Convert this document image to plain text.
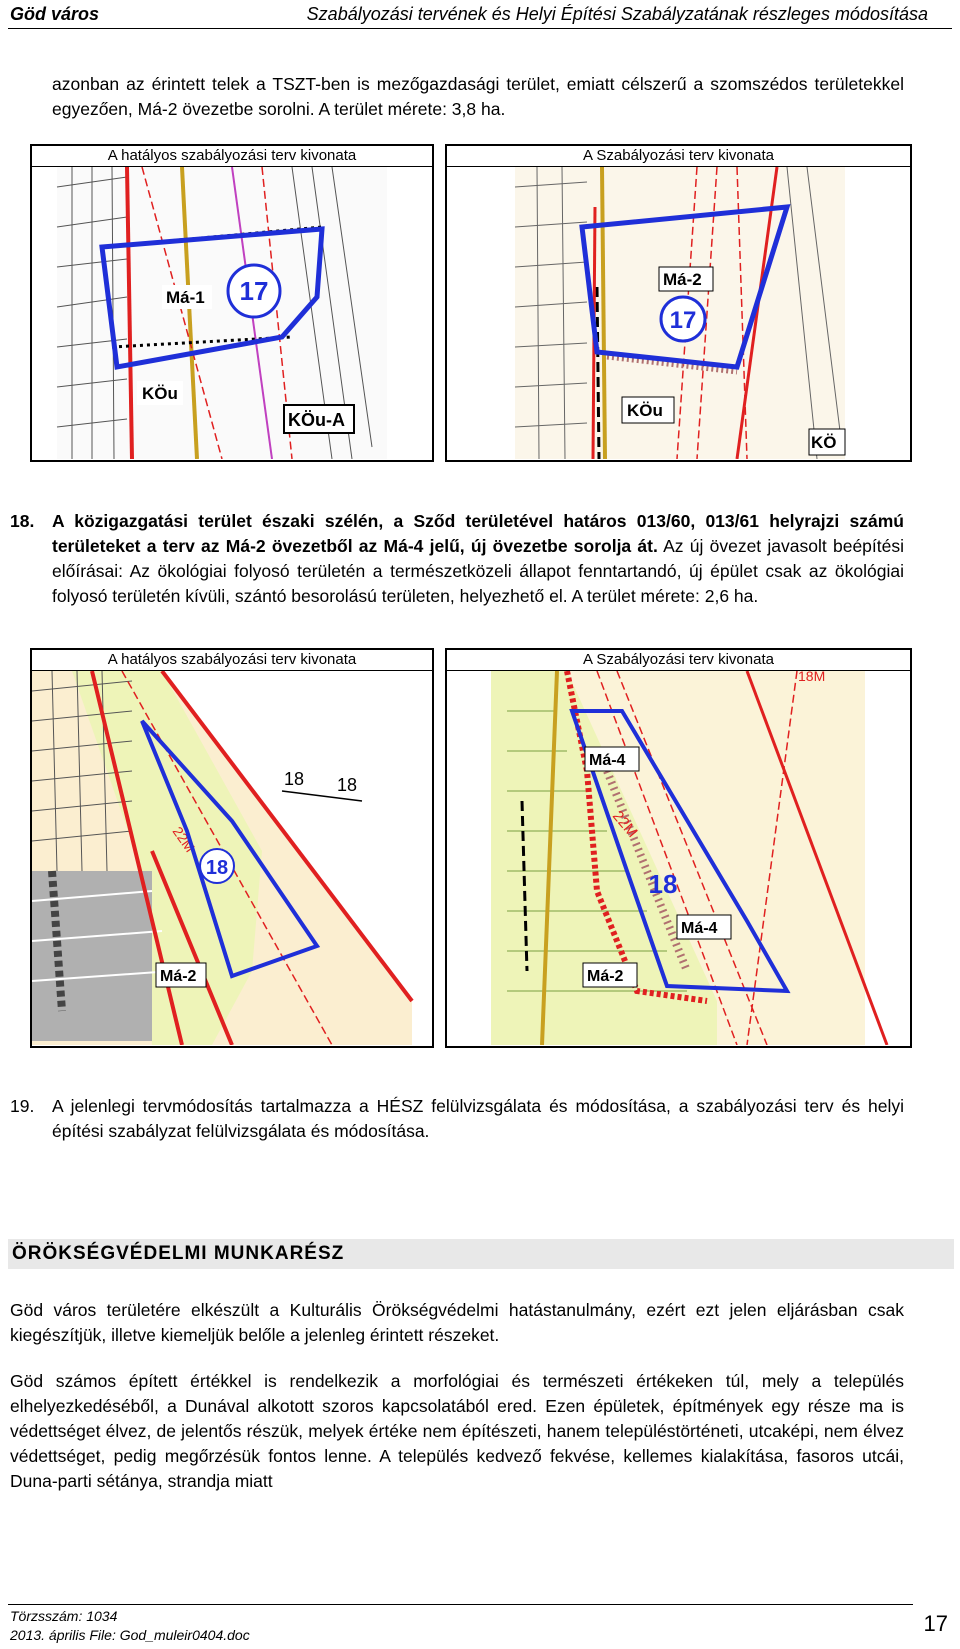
Göd város	Szabályozási tervének és Helyi Építési Szabályzatának részleges módosítása
azonban az érintett telek a TSZT-ben is mezőgazdasági terület, emiatt célszerű a szomszédos területekkel egyezően, Má-2 övezetbe sorolni. A terület mérete: 3,8 ha.
A hatályos szabályozási terv kivonata
Má-1 17
KÖu
KÖu-A
A Szabályozási terv kivonata
Má-2
17
KÖu
KÖ
18. A közigazgatási terület északi szélén, a Sződ területével határos 013/60, 013/61 helyrajzi számú területeket a terv az Má-2 övezetből az Má-4 jelű, új övezetbe sorolja át. Az új övezet javasolt beépítési előírásai: Az ökológiai folyosó területén a természetközeli állapot fenntartandó, új épület csak az ökológiai folyosó területén kívüli, szántó besorolású területen, helyezhető el. A terület mérete: 2,6 ha.
A hatályos szabályozási terv kivonata
18 18
22M
18
Má-2
A Szabályozási terv kivonata
Má-4
22M
18M
18
Má-4
Má-2
19. A jelenlegi tervmódosítás tartalmazza a HÉSZ felülvizsgálata és módosítása, a szabályozási terv és helyi építési szabályzat felülvizsgálata és módosítása.
ÖRÖKSÉGVÉDELMI MUNKARÉSZ
Göd város területére elkészült a Kulturális Örökségvédelmi hatástanulmány, ezért ezt jelen eljárásban csak kiegészítjük, illetve kiemeljük belőle a jelenleg érintett részeket.
Göd számos épített értékkel is rendelkezik a morfológiai és természeti értékeken túl, mely a település elhelyezkedéséből, a Dunával alkotott szoros kapcsolatából ered. Ezen épületek, építmények egy része ma is védettséget élvez, de jelentős részük, melyek értéke nem építészeti, hanem településtörténeti, utcaképi, nem élvez védettséget, pedig megőrzésük fontos lenne. A település kedvező fekvése, kellemes kialakítása, fasoros utcái, Duna-parti sétánya, strandja miatt
Törzsszám: 1034
2013. április File: God_muleir0404.doc	17
